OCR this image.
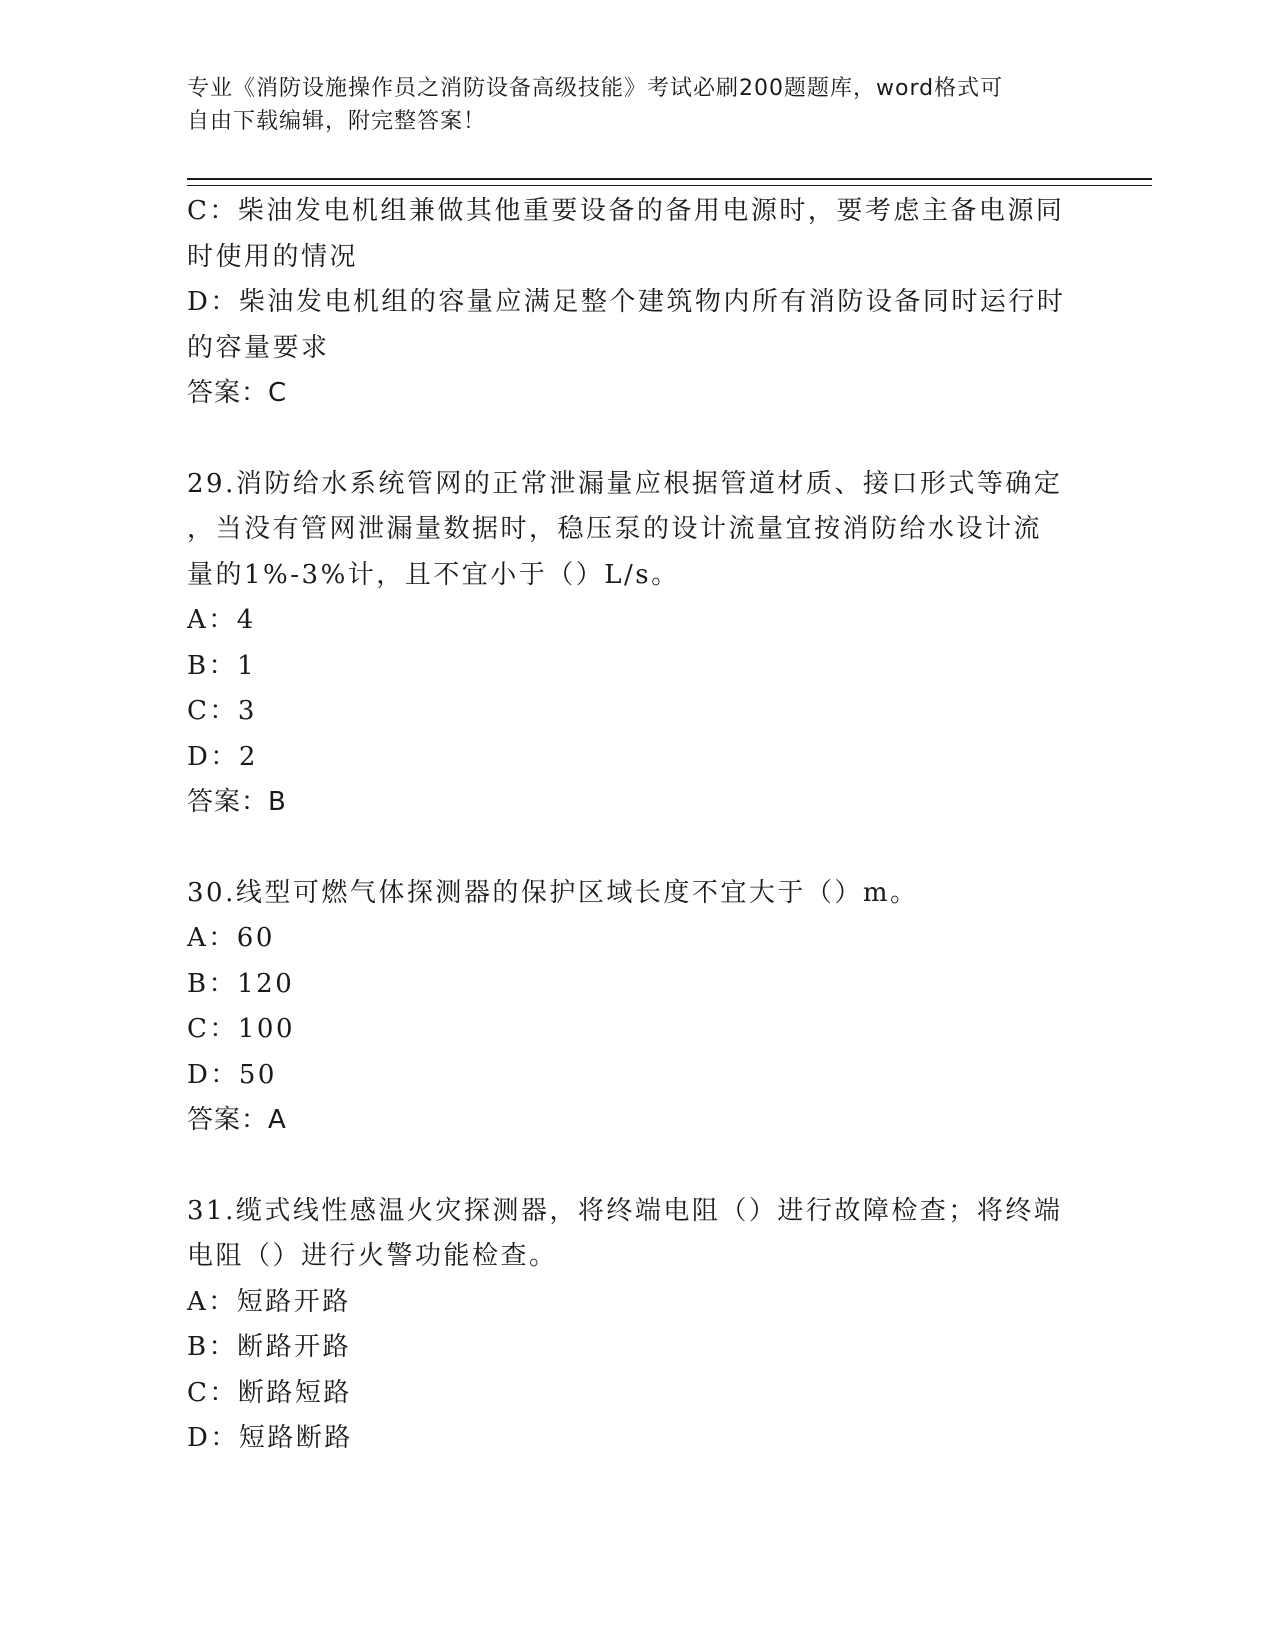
专业《消防设施操作员之消防设备高级技能》考试必刷200题题库，word格式可
自由下载编辑，附完整答案！
C：柴油发电机组兼做其他重要设备的备用电源时，要考虑主备电源同
时使用的情况
D：柴油发电机组的容量应满足整个建筑物内所有消防设备同时运行时
的容量要求
答案：C
29.消防给水系统管网的正常泄漏量应根据管道材质、接口形式等确定
，当没有管网泄漏量数据时，稳压泵的设计流量宜按消防给水设计流
量的1%-3%计，且不宜小于（）L/s。
A：4
B：1
C：3
D：2
答案：B
30.线型可燃气体探测器的保护区域长度不宜大于（）m。
A：60
B：120
C：100
D：50
答案：A
31.缆式线性感温火灾探测器，将终端电阻（）进行故障检查；将终端
电阻（）进行火警功能检查。
A：短路开路
B：断路开路
C：断路短路
D：短路断路
